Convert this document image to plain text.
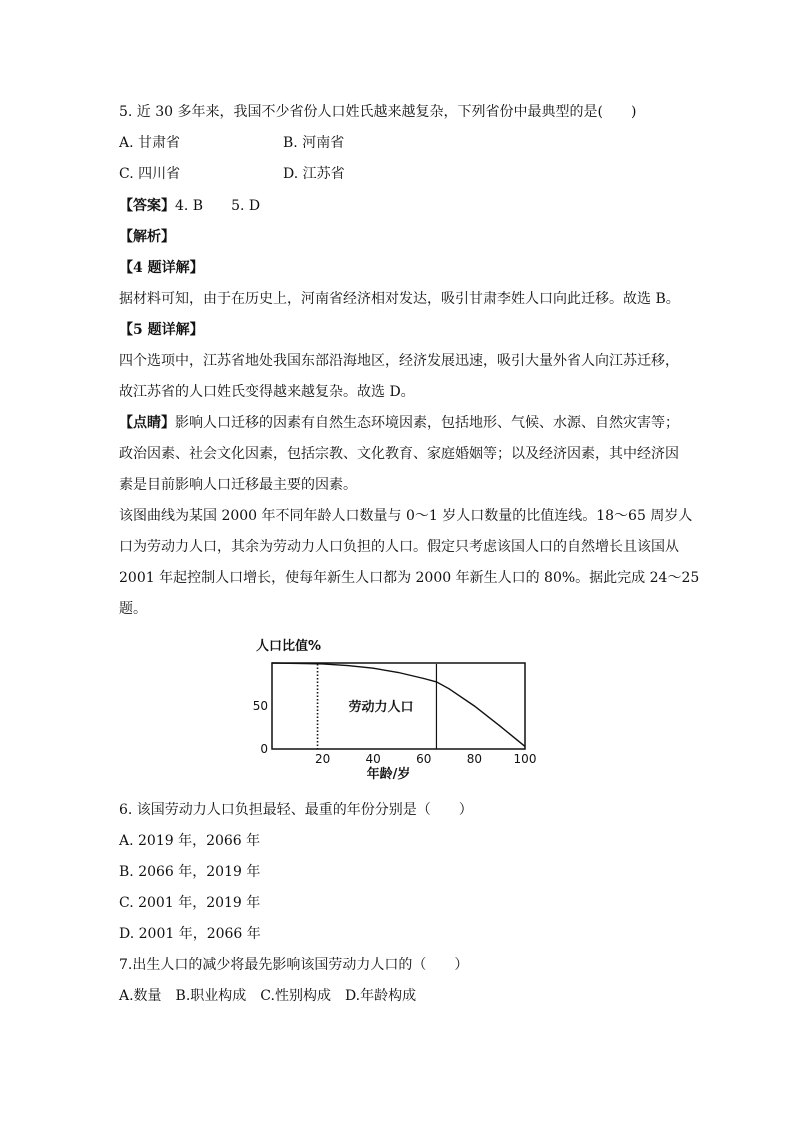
5. 近 30 多年来，我国不少省份人口姓氏越来越复杂，下列省份中最典型的是(　　)
A. 甘肃省	B. 河南省
C. 四川省	D. 江苏省
【答案】4. B　　5. D
【解析】
【4 题详解】
据材料可知，由于在历史上，河南省经济相对发达，吸引甘肃李姓人口向此迁移。故选 B。
【5 题详解】
四个选项中，江苏省地处我国东部沿海地区，经济发展迅速，吸引大量外省人向江苏迁移，
故江苏省的人口姓氏变得越来越复杂。故选 D。
【点睛】影响人口迁移的因素有自然生态环境因素，包括地形、气候、水源、自然灾害等；
政治因素、社会文化因素，包括宗教、文化教育、家庭婚姻等；以及经济因素，其中经济因
素是目前影响人口迁移最主要的因素。
该图曲线为某国 2000 年不同年龄人口数量与 0～1 岁人口数量的比值连线。18～65 周岁人
口为劳动力人口，其余为劳动力人口负担的人口。假定只考虑该国人口的自然增长且该国从
2001 年起控制人口增长，使每年新生人口都为 2000 年新生人口的 80%。据此完成 24～25
题。
人口比值%
劳动力人口
20	40	60	80	100
0
50
年龄/岁
6. 该国劳动力人口负担最轻、最重的年份分别是（　　）
A. 2019 年，2066 年
B. 2066 年，2019 年
C. 2001 年，2019 年
D. 2001 年，2066 年
7.出生人口的减少将最先影响该国劳动力人口的（　　）
A.数量　B.职业构成　C.性别构成　D.年龄构成
